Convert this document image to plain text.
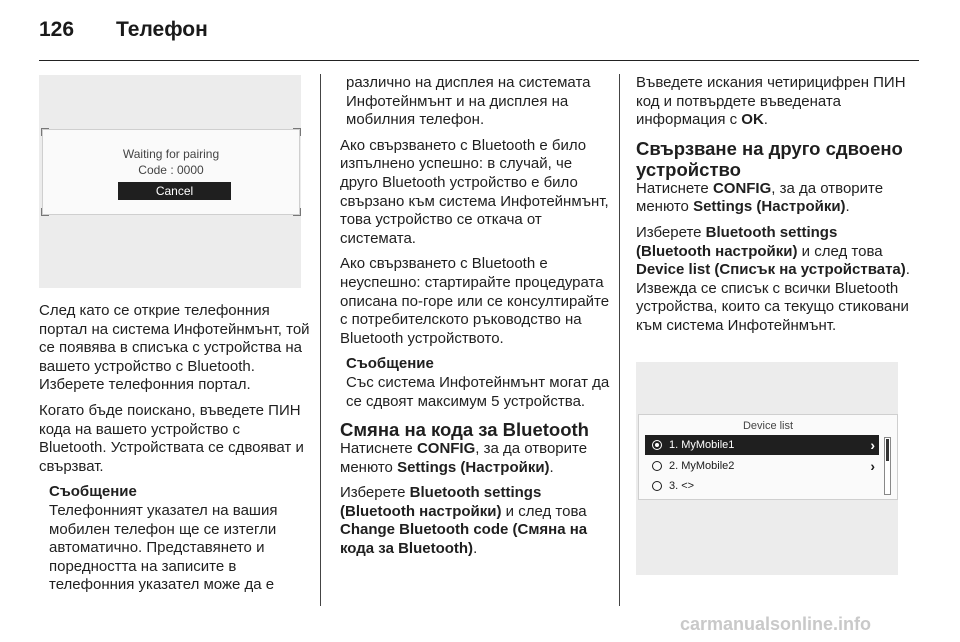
126 Телефон
Waiting for pairing
Code : 0000
Cancel

След като се открие телефонния портал на система Инфотейнмънт, той се появява в списъка с устройства на вашето устройство с Bluetooth. Изберете телефонния портал.

Когато бъде поискано, въведете ПИН кода на вашето устройство с Bluetooth. Устройствата се сдвояват и свързват.

Съобщение
Телефонният указател на вашия мобилен телефон ще се изтегли автоматично. Представянето и поредността на записите в телефонния указател може да е

различно на дисплея на системата Инфотейнмънт и на дисплея на мобилния телефон.

Ако свързването с Bluetooth е било изпълнено успешно: в случай, че друго Bluetooth устройство е било свързано към система Инфотейнмънт, това устройство се откача от системата.

Ако свързването с Bluetooth е неуспешно: стартирайте процедурата описана по-горе или се консултирайте с потребителското ръководство на Bluetooth устройството.

Съобщение
Със система Инфотейнмънт могат да се сдвоят максимум 5 устройства.
Смяна на кода за Bluetooth

Натиснете CONFIG, за да отворите менюто Settings (Настройки).

Изберете Bluetooth settings (Bluetooth настройки) и след това Change Bluetooth code (Смяна на кода за Bluetooth).

Въведете искания четирицифрен ПИН код и потвърдете въведената информация с OK.

Свързване на друго сдвоено устройство

Натиснете CONFIG, за да отворите менюто Settings (Настройки).

Изберете Bluetooth settings (Bluetooth настройки) и след това Device list (Списък на устройствата). Извежда се списък с всички Bluetooth устройства, които са текущо стиковани към система Инфотейнмънт.

Device list
1. MyMobile1	›
2. MyMobile2	›
3. <>
carmanualsonline.info
